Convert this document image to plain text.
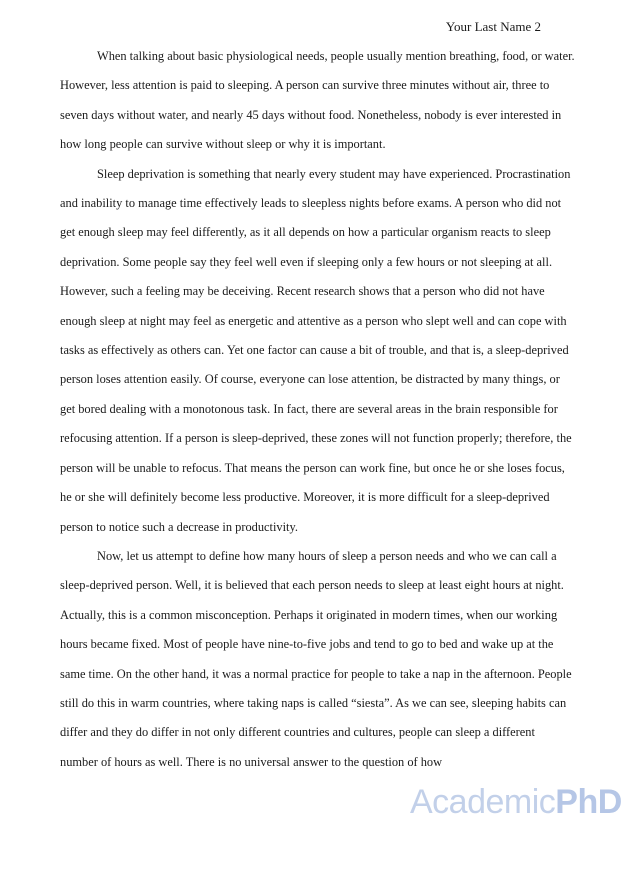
Your Last Name 2

When talking about basic physiological needs, people usually mention breathing, food, or water. However, less attention is paid to sleeping. A person can survive three minutes without air, three to seven days without water, and nearly 45 days without food. Nonetheless, nobody is ever interested in how long people can survive without sleep or why it is important.

Sleep deprivation is something that nearly every student may have experienced. Procrastination and inability to manage time effectively leads to sleepless nights before exams. A person who did not get enough sleep may feel differently, as it all depends on how a particular organism reacts to sleep deprivation. Some people say they feel well even if sleeping only a few hours or not sleeping at all. However, such a feeling may be deceiving. Recent research shows that a person who did not have enough sleep at night may feel as energetic and attentive as a person who slept well and can cope with tasks as effectively as others can. Yet one factor can cause a bit of trouble, and that is, a sleep-deprived person loses attention easily. Of course, everyone can lose attention, be distracted by many things, or get bored dealing with a monotonous task. In fact, there are several areas in the brain responsible for refocusing attention. If a person is sleep-deprived, these zones will not function properly; therefore, the person will be unable to refocus. That means the person can work fine, but once he or she loses focus, he or she will definitely become less productive. Moreover, it is more difficult for a sleep-deprived person to notice such a decrease in productivity.

Now, let us attempt to define how many hours of sleep a person needs and who we can call a sleep-deprived person. Well, it is believed that each person needs to sleep at least eight hours at night. Actually, this is a common misconception. Perhaps it originated in modern times, when our working hours became fixed. Most of people have nine-to-five jobs and tend to go to bed and wake up at the same time. On the other hand, it was a normal practice for people to take a nap in the afternoon. People still do this in warm countries, where taking naps is called “siesta”. As we can see, sleeping habits can differ and they do differ in not only different countries and cultures, people can sleep a different number of hours as well. There is no universal answer to the question of how

AcademicPhD
